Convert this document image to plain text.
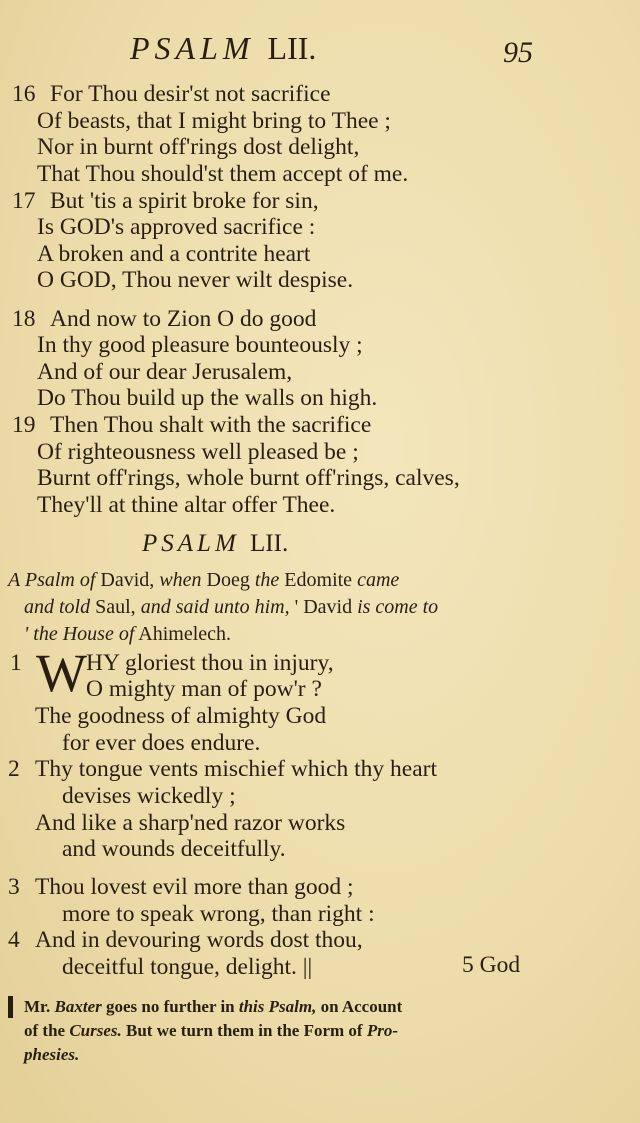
PSALM LII.	95
16 For Thou desir'st not sacrifice
Of beasts, that I might bring to Thee ;
Nor in burnt off'rings dost delight,
That Thou should'st them accept of me.
17 But 'tis a spirit broke for sin,
Is GOD's approved sacrifice :
A broken and a contrite heart
O GOD, Thou never wilt despise.
18 And now to Zion O do good
In thy good pleasure bounteously ;
And of our dear Jerusalem,
Do Thou build up the walls on high.
19 Then Thou shalt with the sacrifice
Of righteousness well pleased be ;
Burnt off'rings, whole burnt off'rings, calves,
They'll at thine altar offer Thee.
PSALM LII.
A Psalm of David, when Doeg the Edomite came
and told Saul, and said unto him, ' David is come to
' the House of Ahimelech.
1 W HY gloriest thou in injury,
O mighty man of pow'r ?
The goodness of almighty God
for ever does endure.
2 Thy tongue vents mischief which thy heart
devises wickedly ;
And like a sharp'ned razor works
and wounds deceitfully.
3 Thou lovest evil more than good ;
more to speak wrong, than right :
4 And in devouring words dost thou,
deceitful tongue, delight. ||	5 God
Mr. Baxter goes no further in this Psalm, on Account
of the Curses. But we turn them in the Form of Pro-
phesies.
